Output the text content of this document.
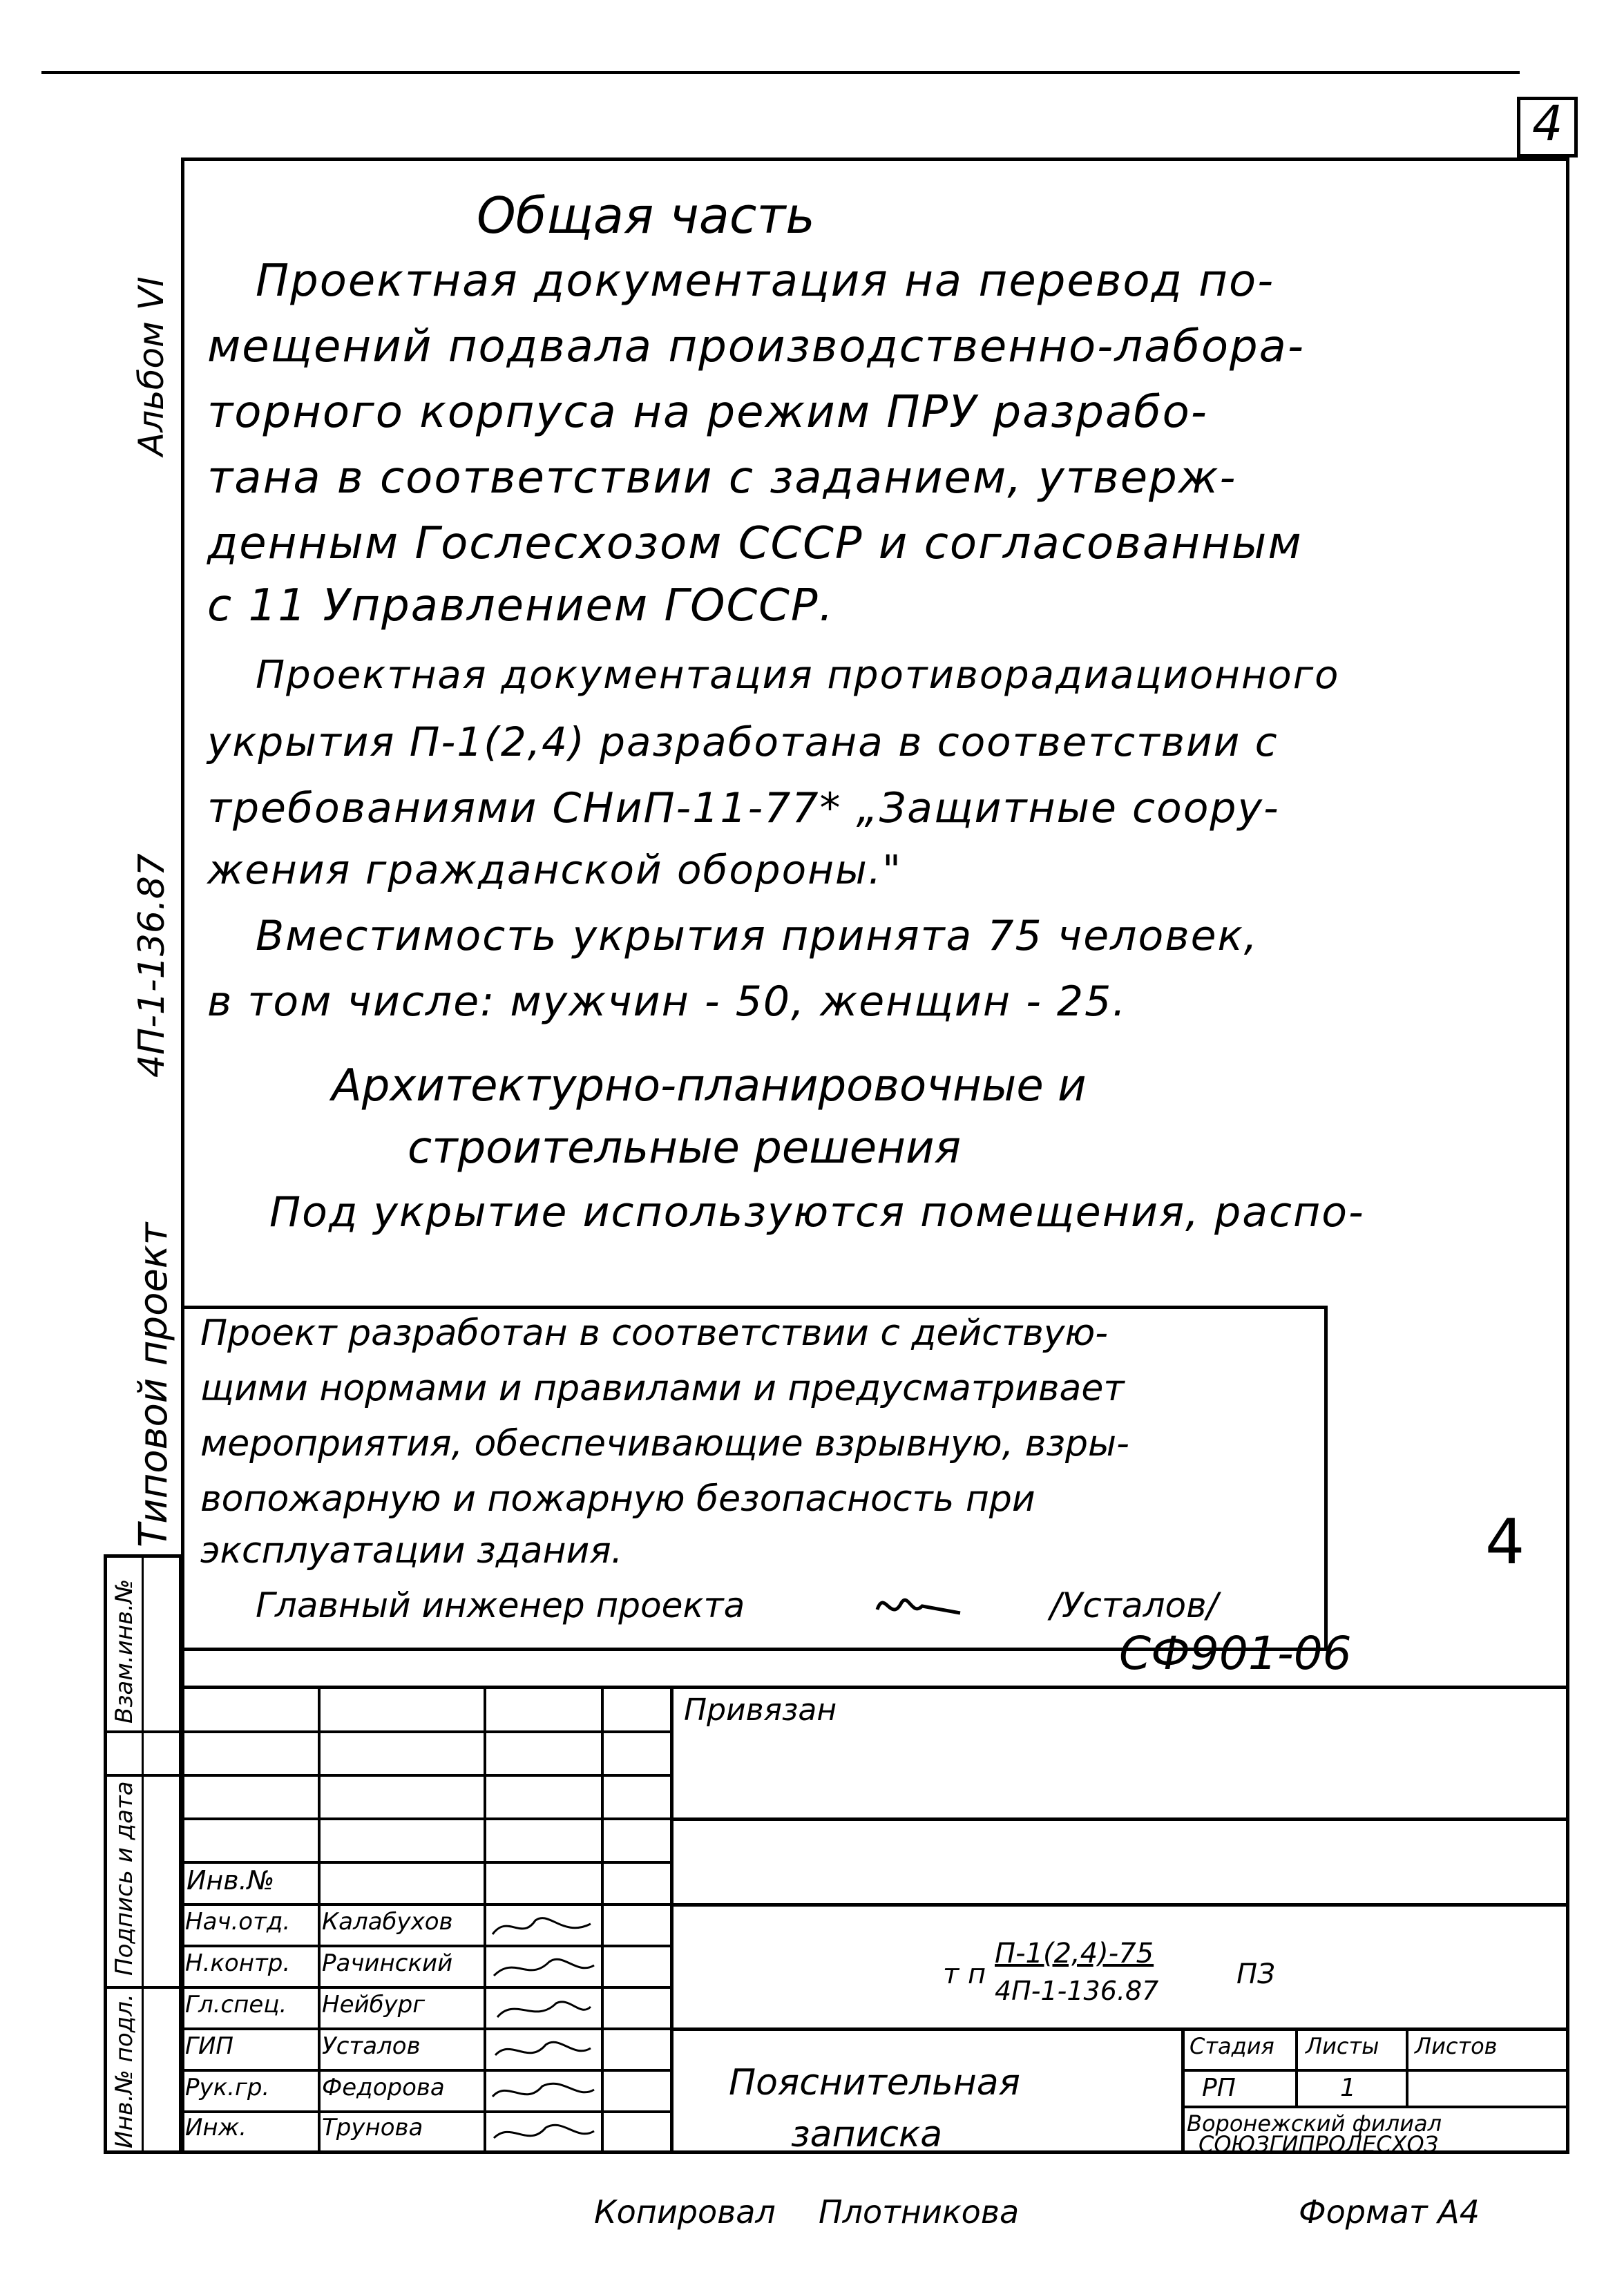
4
Альбом VI
4П-1-136.87
Типовой проект
Общая часть
Проектная документация на перевод по-
мещений подвала производственно-лабора-
торного корпуса на режим ПРУ разрабо-
тана в соответствии с заданием, утверж-
денным Гослесхозом СССР и согласованным
с 11 Управлением ГОССР.
Проектная документация противорадиационного
укрытия П-1(2,4) разработана в соответствии с
требованиями СНиП-11-77* „Защитные соору-
жения гражданской обороны."
Вместимость укрытия принята 75 человек,
в том числе: мужчин - 50, женщин - 25.
Архитектурно-планировочные и
строительные решения
Под укрытие используются помещения, распо-
Проект разработан в соответствии с действую-
щими нормами и правилами и предусматривает
мероприятия, обеспечивающие взрывную, взры-
вопожарную и пожарную безопасность при
эксплуатации здания.
Главный инженер проекта	/Усталов/
4
СФ901-06
Привязан
Инв.№
Нач.отд. Калабухов
Н.контр. Рачинский
Гл.спец. Нейбург
ГИП	Усталов
Рук.гр. Федорова
Инж.	Трунова
т п
П-1(2,4)-75
4П-1-136.87
ПЗ
Пояснительная
записка
Стадия Листы Листов
РП	1
Воронежский филиал
СОЮЗГИПРОЛЕСХОЗ
Взам.инв.№
Подпись и дата
Инв.№ подл.
Копировал Плотникова	Формат А4
